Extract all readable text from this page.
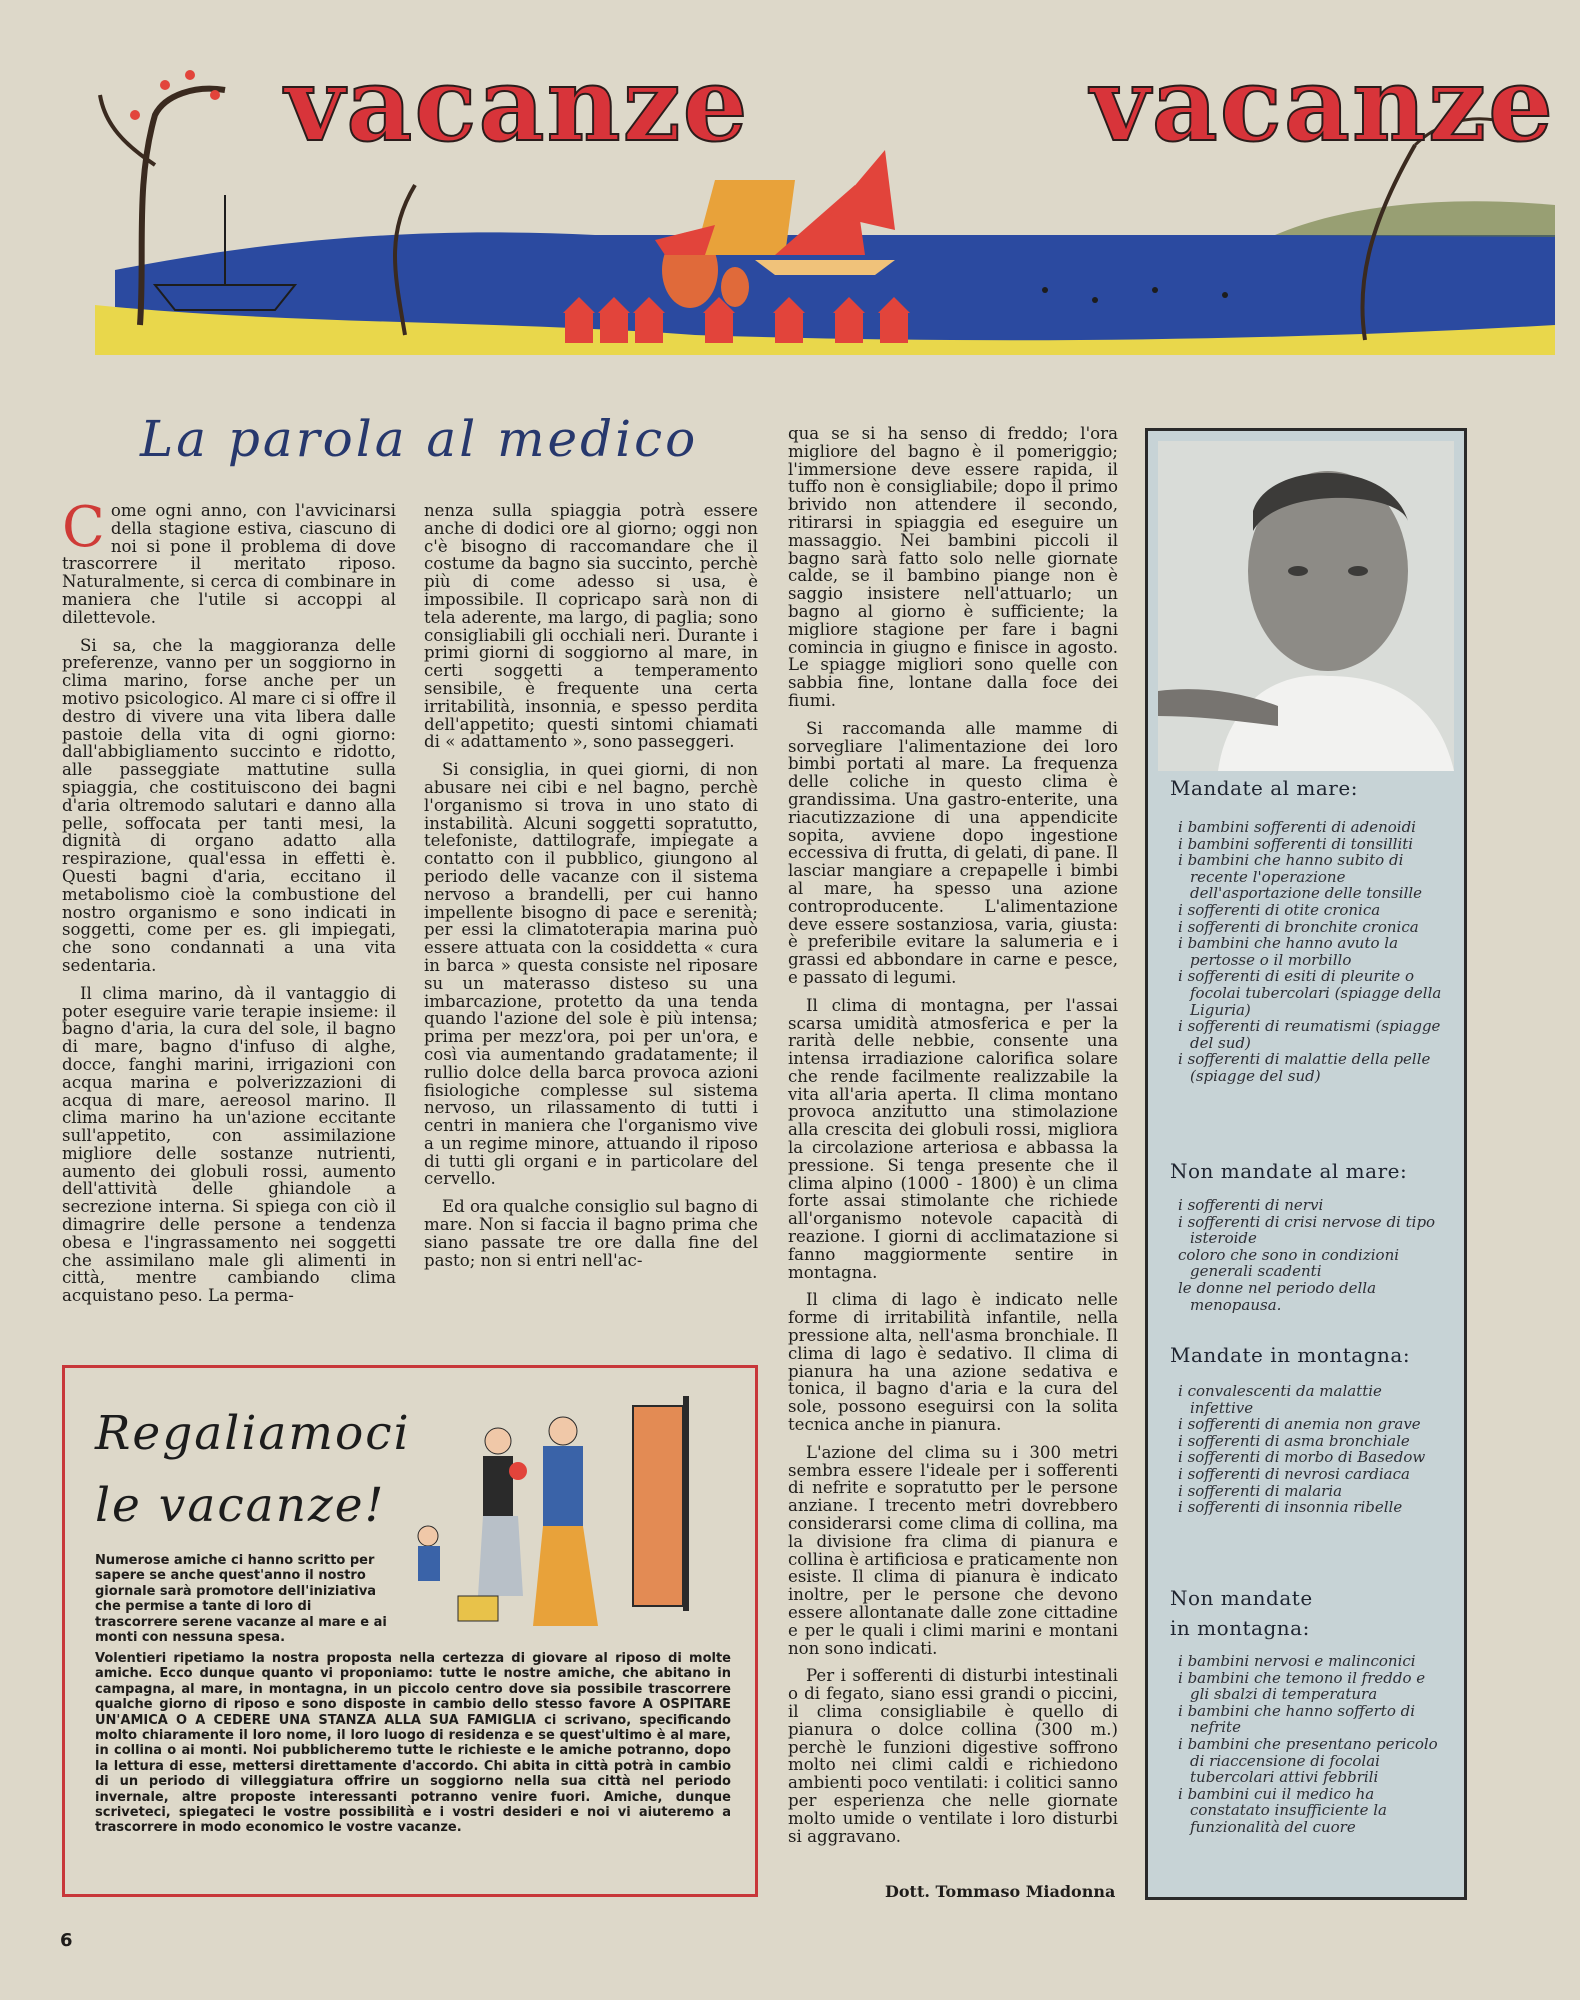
vacanze	vacanze
La parola al medico

Come ogni anno, con l'avvicinarsi della stagione estiva, ciascuno di noi si pone il problema di dove trascorrere il meritato riposo. Naturalmente, si cerca di combinare in maniera che l'utile si accoppi al dilettevole.

Si sa, che la maggioranza delle preferenze, vanno per un soggiorno in clima marino, forse anche per un motivo psicologico. Al mare ci si offre il destro di vivere una vita libera dalle pastoie della vita di ogni giorno: dall'abbigliamento succinto e ridotto, alle passeggiate mattutine sulla spiaggia, che costituiscono dei bagni d'aria oltremodo salutari e danno alla pelle, soffocata per tanti mesi, la dignità di organo adatto alla respirazione, qual'essa in effetti è. Questi bagni d'aria, eccitano il metabolismo cioè la combustione del nostro organismo e sono indicati in soggetti, come per es. gli impiegati, che sono condannati a una vita sedentaria.

Il clima marino, dà il vantaggio di poter eseguire varie terapie insieme: il bagno d'aria, la cura del sole, il bagno di mare, bagno d'infuso di alghe, docce, fanghi marini, irrigazioni con acqua marina e polverizzazioni di acqua di mare, aereosol marino. Il clima marino ha un'azione eccitante sull'appetito, con assimilazione migliore delle sostanze nutrienti, aumento dei globuli rossi, aumento dell'attività delle ghiandole a secrezione interna. Si spiega con ciò il dimagrire delle persone a tendenza obesa e l'ingrassamento nei soggetti che assimilano male gli alimenti in città, mentre cambiando clima acquistano peso. La perma-

nenza sulla spiaggia potrà essere anche di dodici ore al giorno; oggi non c'è bisogno di raccomandare che il costume da bagno sia succinto, perchè più di come adesso si usa, è impossibile. Il copricapo sarà non di tela aderente, ma largo, di paglia; sono consigliabili gli occhiali neri. Durante i primi giorni di soggiorno al mare, in certi soggetti a temperamento sensibile, è frequente una certa irritabilità, insonnia, e spesso perdita dell'appetito; questi sintomi chiamati di « adattamento », sono passeggeri.

Si consiglia, in quei giorni, di non abusare nei cibi e nel bagno, perchè l'organismo si trova in uno stato di instabilità. Alcuni soggetti sopratutto, telefoniste, dattilografe, impiegate a contatto con il pubblico, giungono al periodo delle vacanze con il sistema nervoso a brandelli, per cui hanno impellente bisogno di pace e serenità; per essi la climatoterapia marina può essere attuata con la cosiddetta « cura in barca » questa consiste nel riposare su un materasso disteso su una imbarcazione, protetto da una tenda quando l'azione del sole è più intensa; prima per mezz'ora, poi per un'ora, e così via aumentando gradatamente; il rullio dolce della barca provoca azioni fisiologiche complesse sul sistema nervoso, un rilassamento di tutti i centri in maniera che l'organismo vive a un regime minore, attuando il riposo di tutti gli organi e in particolare del cervello.

Ed ora qualche consiglio sul bagno di mare. Non si faccia il bagno prima che siano passate tre ore dalla fine del pasto; non si entri nell'ac-

qua se si ha senso di freddo; l'ora migliore del bagno è il pomeriggio; l'immersione deve essere rapida, il tuffo non è consigliabile; dopo il primo brivido non attendere il secondo, ritirarsi in spiaggia ed eseguire un massaggio. Nei bambini piccoli il bagno sarà fatto solo nelle giornate calde, se il bambino piange non è saggio insistere nell'attuarlo; un bagno al giorno è sufficiente; la migliore stagione per fare i bagni comincia in giugno e finisce in agosto. Le spiagge migliori sono quelle con sabbia fine, lontane dalla foce dei fiumi.

Si raccomanda alle mamme di sorvegliare l'alimentazione dei loro bimbi portati al mare. La frequenza delle coliche in questo clima è grandissima. Una gastro-enterite, una riacutizzazione di una appendicite sopita, avviene dopo ingestione eccessiva di frutta, di gelati, di pane. Il lasciar mangiare a crepapelle i bimbi al mare, ha spesso una azione controproducente. L'alimentazione deve essere sostanziosa, varia, giusta: è preferibile evitare la salumeria e i grassi ed abbondare in carne e pesce, e passato di legumi.

Il clima di montagna, per l'assai scarsa umidità atmosferica e per la rarità delle nebbie, consente una intensa irradiazione calorifica solare che rende facilmente realizzabile la vita all'aria aperta. Il clima montano provoca anzitutto una stimolazione alla crescita dei globuli rossi, migliora la circolazione arteriosa e abbassa la pressione. Si tenga presente che il clima alpino (1000 - 1800) è un clima forte assai stimolante che richiede all'organismo notevole capacità di reazione. I giorni di acclimatazione si fanno maggiormente sentire in montagna.

Il clima di lago è indicato nelle forme di irritabilità infantile, nella pressione alta, nell'asma bronchiale. Il clima di lago è sedativo. Il clima di pianura ha una azione sedativa e tonica, il bagno d'aria e la cura del sole, possono eseguirsi con la solita tecnica anche in pianura.

L'azione del clima su i 300 metri sembra essere l'ideale per i sofferenti di nefrite e sopratutto per le persone anziane. I trecento metri dovrebbero considerarsi come clima di collina, ma la divisione fra clima di pianura e collina è artificiosa e praticamente non esiste. Il clima di pianura è indicato inoltre, per le persone che devono essere allontanate dalle zone cittadine e per le quali i climi marini e montani non sono indicati.

Per i sofferenti di disturbi intestinali o di fegato, siano essi grandi o piccini, il clima consigliabile è quello di pianura o dolce collina (300 m.) perchè le funzioni digestive soffrono molto nei climi caldi e richiedono ambienti poco ventilati: i colitici sanno per esperienza che nelle giornate molto umide o ventilate i loro disturbi si aggravano.

Dott. Tommaso Miadonna
Mandate al mare:
i bambini sofferenti di adenoidi
i bambini sofferenti di tonsilliti
i bambini che hanno subito di recente l'operazione dell'asportazione delle tonsille
i sofferenti di otite cronica
i sofferenti di bronchite cronica
i bambini che hanno avuto la pertosse o il morbillo
i sofferenti di esiti di pleurite o focolai tubercolari (spiagge della Liguria)
i sofferenti di reumatismi (spiagge del sud)
i sofferenti di malattie della pelle (spiagge del sud)
Non mandate al mare:
i sofferenti di nervi
i sofferenti di crisi nervose di tipo isteroide
coloro che sono in condizioni generali scadenti
le donne nel periodo della menopausa.
Mandate in montagna:
i convalescenti da malattie infettive
i sofferenti di anemia non grave
i sofferenti di asma bronchiale
i sofferenti di morbo di Basedow
i sofferenti di nevrosi cardiaca
i sofferenti di malaria
i sofferenti di insonnia ribelle
Non mandate
in montagna:
i bambini nervosi e malinconici
i bambini che temono il freddo e gli sbalzi di temperatura
i bambini che hanno sofferto di nefrite
i bambini che presentano pericolo di riaccensione di focolai tubercolari attivi febbrili
i bambini cui il medico ha constatato insufficiente la funzionalità del cuore
Regaliamoci
le vacanze!
Numerose amiche ci hanno scritto per sapere se anche quest'anno il nostro giornale sarà promotore dell'iniziativa che permise a tante di loro di trascorrere serene vacanze al mare e ai monti con nessuna spesa.
Volentieri ripetiamo la nostra proposta nella certezza di giovare al riposo di molte amiche. Ecco dunque quanto vi proponiamo: tutte le nostre amiche, che abitano in campagna, al mare, in montagna, in un piccolo centro dove sia possibile trascorrere qualche giorno di riposo e sono disposte in cambio dello stesso favore A OSPITARE UN'AMICA O A CEDERE UNA STANZA ALLA SUA FAMIGLIA ci scrivano, specificando molto chiaramente il loro nome, il loro luogo di residenza e se quest'ultimo è al mare, in collina o ai monti. Noi pubblicheremo tutte le richieste e le amiche potranno, dopo la lettura di esse, mettersi direttamente d'accordo. Chi abita in città potrà in cambio di un periodo di villeggiatura offrire un soggiorno nella sua città nel periodo invernale, altre proposte interessanti potranno venire fuori. Amiche, dunque scriveteci, spiegateci le vostre possibilità e i vostri desideri e noi vi aiuteremo a trascorrere in modo economico le vostre vacanze.
6
